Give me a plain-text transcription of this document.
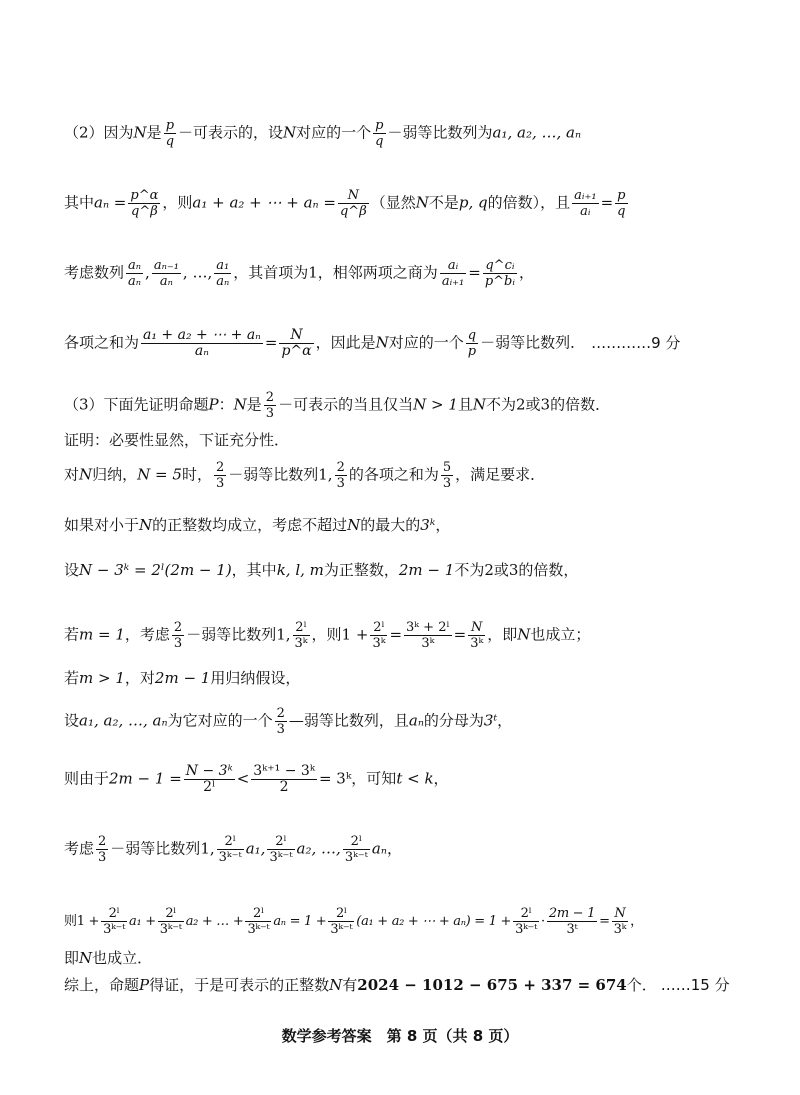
（2）因为N是 $\frac{p}{q}$ －可表示的，设N对应的一个 $\frac{p}{q}$ －弱等比数列为a₁, a₂, …, aₙ
其中$a_n = \frac{p\^{}\alpha}{q\^{}\beta}$ ，则a₁ + a₂ + ⋯ + $a_n = \frac{N}{q\^{}\beta}$ （显然N不是p, q的倍数），且 $\frac{\text{aᵢ₊₁}}{\text{aᵢ}} = \frac{p}{q}$
考虑数列 $\frac{\text{aₙ}}{\text{aₙ}}$ , $\frac{\text{aₙ₋₁}}{\text{aₙ}}$ , …, $\frac{\text{a₁}}{\text{aₙ}}$ ，其首项为1，相邻两项之商为 $\frac{\text{aᵢ}}{\text{aᵢ₊₁}} = \frac{\text{q\textasciicircum{}cᵢ}}{\text{p\textasciicircum{}bᵢ}}$ ，
各项之和为 $\frac{\text{a₁ + a₂ + ⋯ + aₙ}}{\text{aₙ}} = \frac{N}{p\^{}\alpha}$ ，因此是N对应的一个 $\frac{q}{p}$ －弱等比数列． …………9 分
（3）下面先证明命题P：N是 $\frac{2}{3}$ －可表示的当且仅当N > 1且N不为2或3的倍数．
证明：必要性显然，下证充分性．
对N归纳，N = 5时， $\frac{2}{3}$ －弱等比数列1, $\frac{2}{3}$ 的各项之和为 $\frac{5}{3}$ ，满足要求．
如果对小于N的正整数均成立，考虑不超过N的最大的3ᵏ，
设N − 3ᵏ = 2ˡ(2m − 1)，其中k, l, m为正整数，2m − 1不为2或3的倍数，
若m = 1，考虑 $\frac{2}{3}$ －弱等比数列1, $\frac{\text{2ˡ}}{\text{3ᵏ}}$ ，则$1 + \frac{\text{2ˡ}}{\text{3ᵏ}} = \frac{\text{3ᵏ + 2ˡ}}{\text{3ᵏ}} = \frac{N}{\text{3ᵏ}}$ ，即N也成立；
若m > 1，对2m − 1用归纳假设，
设a₁, a₂, …, aₙ为它对应的一个 $\frac{2}{3}$ —弱等比数列，且aₙ的分母为3ᵗ，
则由于$2m - 1 = \frac{\text{N − 3ᵏ}}{\text{2ˡ}} < \frac{\text{3ᵏ⁺¹ − 3ᵏ}}{2}$ = 3ᵏ，可知t < k，
考虑 $\frac{2}{3}$ －弱等比数列1, $\frac{\text{2ˡ}}{\text{3ᵏ⁻ᵗ}} a_1$, $\frac{\text{2ˡ}}{\text{3ᵏ⁻ᵗ}} a_2$, …, $\frac{\text{2ˡ}}{\text{3ᵏ⁻ᵗ}}$ aₙ，
则$1 + \frac{\text{2ˡ}}{\text{3ᵏ⁻ᵗ}} a_1 + \frac{\text{2ˡ}}{\text{3ᵏ⁻ᵗ}} a_2$ + … + $\frac{\text{2ˡ}}{\text{3ᵏ⁻ᵗ}}$ $a_n = 1 + \frac{\text{2ˡ}}{\text{3ᵏ⁻ᵗ}} (a_1 + a_2$ + ⋯ + $a_n) = 1 + \frac{\text{2ˡ}}{\text{3ᵏ⁻ᵗ}} \cdot \frac{2m - 1}{\text{3ᵗ}} = \frac{N}{\text{3ᵏ}}$ ，
即N也成立．
综上，命题P得证，于是可表示的正整数N有2024 − 1012 − 675 + 337 = 674个． ……15 分
数学参考答案　第 8 页（共 8 页）
